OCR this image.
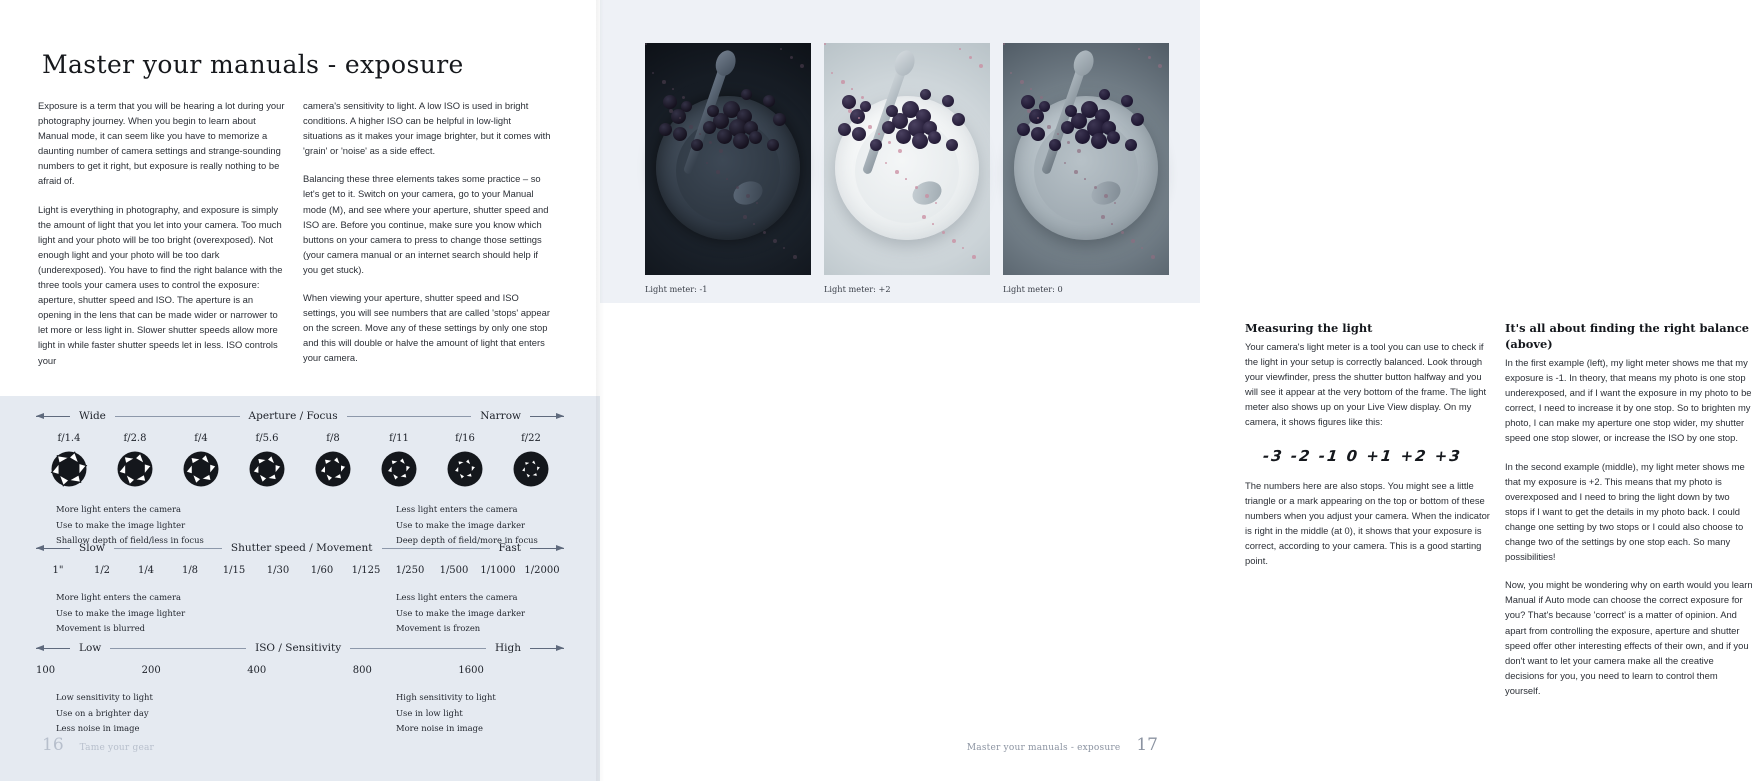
Master your manuals - exposure

Exposure is a term that you will be hearing a lot during your photography journey. When you begin to learn about Manual mode, it can seem like you have to memorize a daunting number of camera settings and strange-sounding numbers to get it right, but exposure is really nothing to be afraid of.

Light is everything in photography, and exposure is simply the amount of light that you let into your camera. Too much light and your photo will be too bright (overexposed). Not enough light and your photo will be too dark (underexposed). You have to find the right balance with the three tools your camera uses to control the exposure: aperture, shutter speed and ISO. The aperture is an opening in the lens that can be made wider or narrower to let more or less light in. Slower shutter speeds allow more light in while faster shutter speeds let in less. ISO controls your

camera's sensitivity to light. A low ISO is used in bright conditions. A higher ISO can be helpful in low-light situations as it makes your image brighter, but it comes with 'grain' or 'noise' as a side effect.

Balancing these three elements takes some practice – so let's get to it. Switch on your camera, go to your Manual mode (M), and see where your aperture, shutter speed and ISO are. Before you continue, make sure you know which buttons on your camera to press to change those settings (your camera manual or an internet search should help if you get stuck).

When viewing your aperture, shutter speed and ISO settings, you will see numbers that are called 'stops' appear on the screen. Move any of these settings by only one stop and this will double or halve the amount of light that enters your camera.

Wide	Aperture / Focus	Narrow
f/1.4	f/2.8	f/4	f/5.6	f/8	f/11	f/16	f/22
More light enters the camera
Use to make the image lighter
Shallow depth of field/less in focus
Less light enters the camera
Use to make the image darker
Deep depth of field/more in focus
Slow	Shutter speed / Movement	Fast
1"	1/2	1/4	1/8	1/15	1/30	1/60	1/125	1/250	1/500	1/1000 1/2000
More light enters the camera
Use to make the image lighter
Movement is blurred
Less light enters the camera
Use to make the image darker
Movement is frozen
Low	ISO / Sensitivity	High
100	200	400	800	1600
Low sensitivity to light
Use on a brighter day
Less noise in image
High sensitivity to light
Use in low light
More noise in image
16 Tame your gear
Light meter: -1	Light meter: +2	Light meter: 0
Measuring the light

Your camera's light meter is a tool you can use to check if the light in your setup is correctly balanced. Look through your viewfinder, press the shutter button halfway and you will see it appear at the very bottom of the frame. The light meter also shows up on your Live View display. On my camera, it shows figures like this:

-3 -2 -1 0 +1 +2 +3

The numbers here are also stops. You might see a little triangle or a mark appearing on the top or bottom of these numbers when you adjust your camera. When the indicator is right in the middle (at 0), it shows that your exposure is correct, according to your camera. This is a good starting point.

It's all about finding the right balance (above)

In the first example (left), my light meter shows me that my exposure is -1. In theory, that means my photo is one stop underexposed, and if I want the exposure in my photo to be correct, I need to increase it by one stop. So to brighten my photo, I can make my aperture one stop wider, my shutter speed one stop slower, or increase the ISO by one stop.

In the second example (middle), my light meter shows me that my exposure is +2. This means that my photo is overexposed and I need to bring the light down by two stops if I want to get the details in my photo back. I could change one setting by two stops or I could also choose to change two of the settings by one stop each. So many possibilities!

Now, you might be wondering why on earth would you learn Manual if Auto mode can choose the correct exposure for you? That's because 'correct' is a matter of opinion. And apart from controlling the exposure, aperture and shutter speed offer other interesting effects of their own, and if you don't want to let your camera make all the creative decisions for you, you need to learn to control them yourself.

Master your manuals - exposure 17
